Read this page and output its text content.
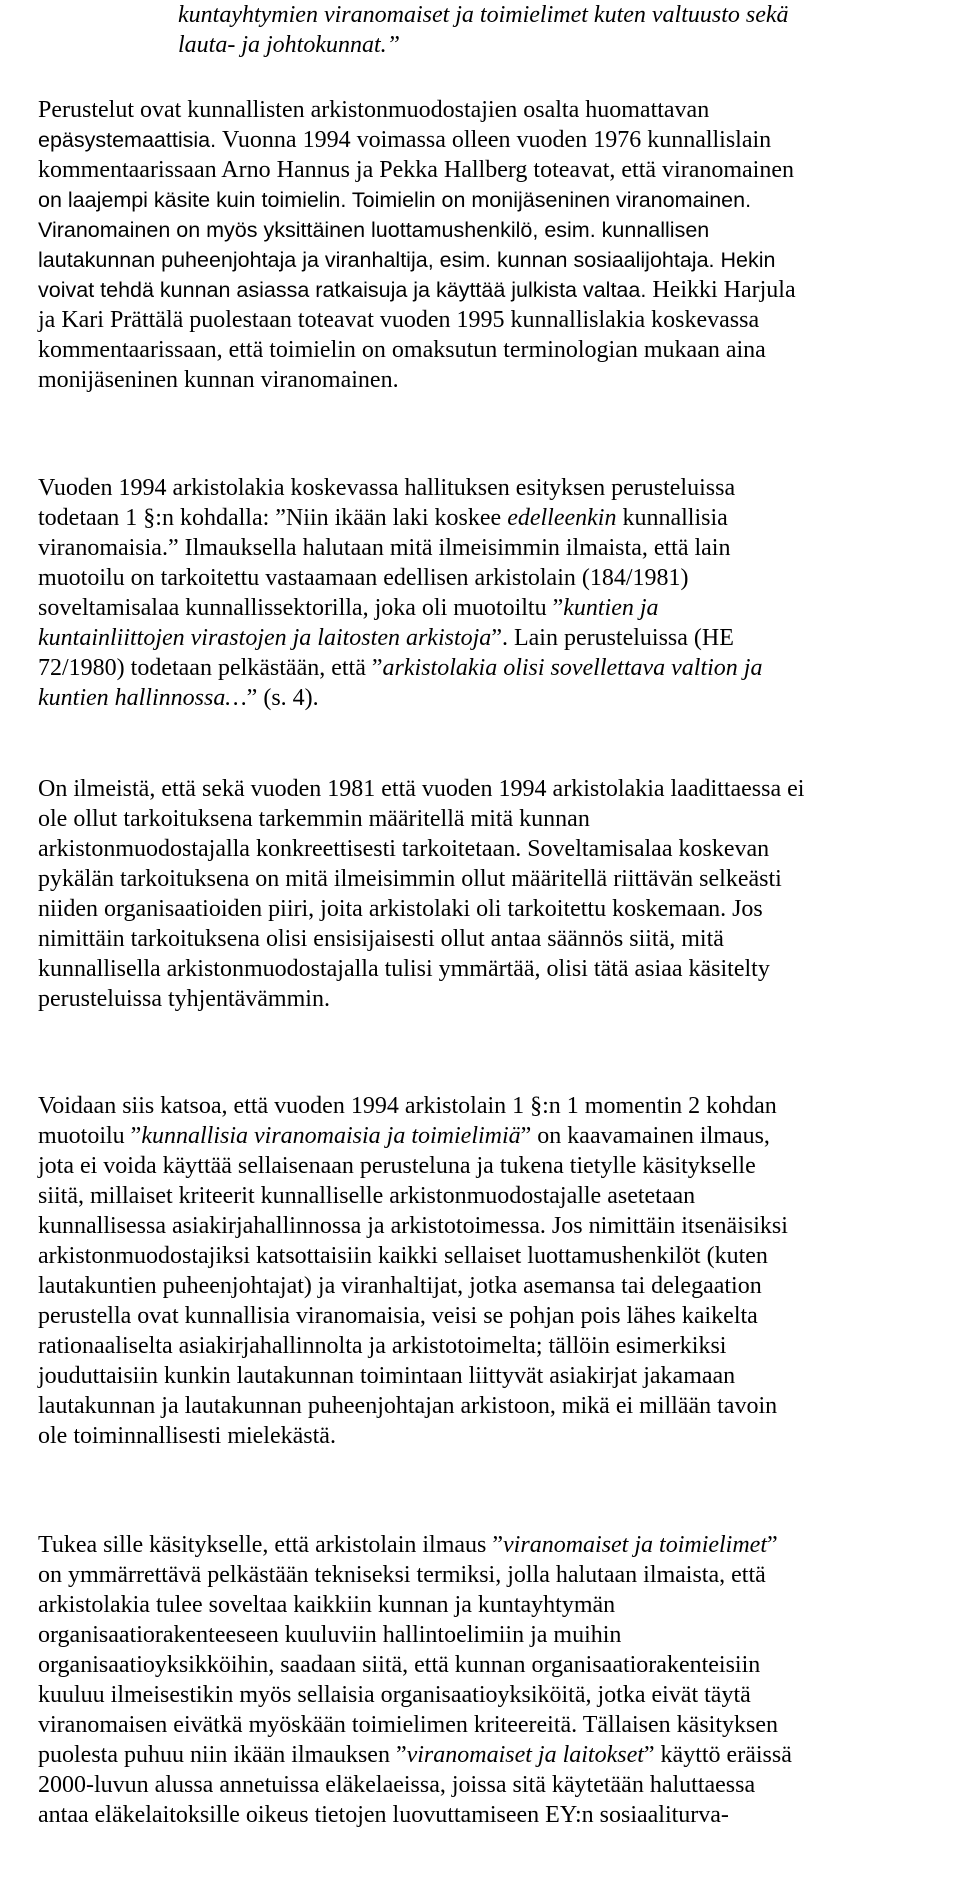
kuntayhtymien viranomaiset ja toimielimet kuten valtuusto sekä
lauta- ja johtokunnat.”
Perustelut ovat kunnallisten arkistonmuodostajien osalta huomattavan
epäsystemaattisia. Vuonna 1994 voimassa olleen vuoden 1976 kunnallislain
kommentaarissaan Arno Hannus ja Pekka Hallberg toteavat, että viranomainen
on laajempi käsite kuin toimielin. Toimielin on monijäseninen viranomainen.
Viranomainen on myös yksittäinen luottamushenkilö, esim. kunnallisen
lautakunnan puheenjohtaja ja viranhaltija, esim. kunnan sosiaalijohtaja. Hekin
voivat tehdä kunnan asiassa ratkaisuja ja käyttää julkista valtaa. Heikki Harjula
ja Kari Prättälä puolestaan toteavat vuoden 1995 kunnallislakia koskevassa
kommentaarissaan, että toimielin on omaksutun terminologian mukaan aina
monijäseninen kunnan viranomainen.
Vuoden 1994 arkistolakia koskevassa hallituksen esityksen perusteluissa
todetaan 1 §:n kohdalla: ”Niin ikään laki koskee edelleenkin kunnallisia
viranomaisia.” Ilmauksella halutaan mitä ilmeisimmin ilmaista, että lain
muotoilu on tarkoitettu vastaamaan edellisen arkistolain (184/1981)
soveltamisalaa kunnallissektorilla, joka oli muotoiltu ”kuntien ja
kuntainliittojen virastojen ja laitosten arkistoja”. Lain perusteluissa (HE
72/1980) todetaan pelkästään, että ”arkistolakia olisi sovellettava valtion ja
kuntien hallinnossa…” (s. 4).
On ilmeistä, että sekä vuoden 1981 että vuoden 1994 arkistolakia laadittaessa ei
ole ollut tarkoituksena tarkemmin määritellä mitä kunnan
arkistonmuodostajalla konkreettisesti tarkoitetaan. Soveltamisalaa koskevan
pykälän tarkoituksena on mitä ilmeisimmin ollut määritellä riittävän selkeästi
niiden organisaatioiden piiri, joita arkistolaki oli tarkoitettu koskemaan. Jos
nimittäin tarkoituksena olisi ensisijaisesti ollut antaa säännös siitä, mitä
kunnallisella arkistonmuodostajalla tulisi ymmärtää, olisi tätä asiaa käsitelty
perusteluissa tyhjentävämmin.
Voidaan siis katsoa, että vuoden 1994 arkistolain 1 §:n 1 momentin 2 kohdan
muotoilu ”kunnallisia viranomaisia ja toimielimiä” on kaavamainen ilmaus,
jota ei voida käyttää sellaisenaan perusteluna ja tukena tietylle käsitykselle
siitä, millaiset kriteerit kunnalliselle arkistonmuodostajalle asetetaan
kunnallisessa asiakirjahallinnossa ja arkistotoimessa. Jos nimittäin itsenäisiksi
arkistonmuodostajiksi katsottaisiin kaikki sellaiset luottamushenkilöt (kuten
lautakuntien puheenjohtajat) ja viranhaltijat, jotka asemansa tai delegaation
perustella ovat kunnallisia viranomaisia, veisi se pohjan pois lähes kaikelta
rationaaliselta asiakirjahallinnolta ja arkistotoimelta; tällöin esimerkiksi
jouduttaisiin kunkin lautakunnan toimintaan liittyvät asiakirjat jakamaan
lautakunnan ja lautakunnan puheenjohtajan arkistoon, mikä ei millään tavoin
ole toiminnallisesti mielekästä.
Tukea sille käsitykselle, että arkistolain ilmaus ”viranomaiset ja toimielimet”
on ymmärrettävä pelkästään tekniseksi termiksi, jolla halutaan ilmaista, että
arkistolakia tulee soveltaa kaikkiin kunnan ja kuntayhtymän
organisaatiorakenteeseen kuuluviin hallintoelimiin ja muihin
organisaatioyksikköihin, saadaan siitä, että kunnan organisaatiorakenteisiin
kuuluu ilmeisestikin myös sellaisia organisaatioyksiköitä, jotka eivät täytä
viranomaisen eivätkä myöskään toimielimen kriteereitä. Tällaisen käsityksen
puolesta puhuu niin ikään ilmauksen ”viranomaiset ja laitokset” käyttö eräissä
2000-luvun alussa annetuissa eläkelaeissa, joissa sitä käytetään haluttaessa
antaa eläkelaitoksille oikeus tietojen luovuttamiseen EY:n sosiaaliturva-
